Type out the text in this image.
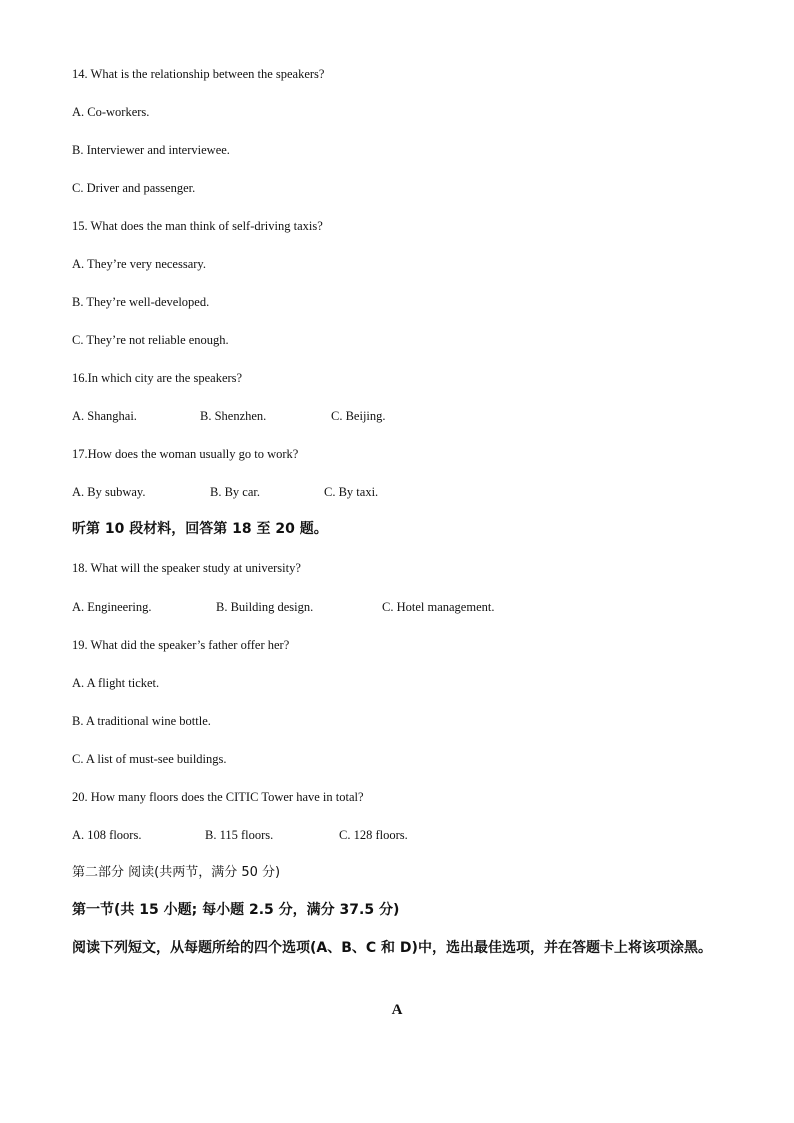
14. What is the relationship between the speakers?
A. Co-workers.
B. Interviewer and interviewee.
C. Driver and passenger.
15. What does the man think of self-driving taxis?
A. They’re very necessary.
B. They’re well-developed.
C. They’re not reliable enough.
16.In which city are the speakers?
A. Shanghai.	B. Shenzhen.	C. Beijing.
17.How does the woman usually go to work?
A. By subway.	B. By car.	C. By taxi.
听第 10 段材料，回答第 18 至 20 题。
18. What will the speaker study at university?
A. Engineering.	B. Building design.	C. Hotel management.
19. What did the speaker’s father offer her?
A. A flight ticket.
B. A traditional wine bottle.
C. A list of must-see buildings.
20. How many floors does the CITIC Tower have in total?
A. 108 floors.	B. 115 floors.	C. 128 floors.
第二部分 阅读(共两节，满分 50 分)
第一节(共 15 小题; 每小题 2.5 分，满分 37.5 分)
阅读下列短文，从每题所给的四个选项(A、B、C 和 D)中，选出最佳选项，并在答题卡上将该项涂黑。
A
